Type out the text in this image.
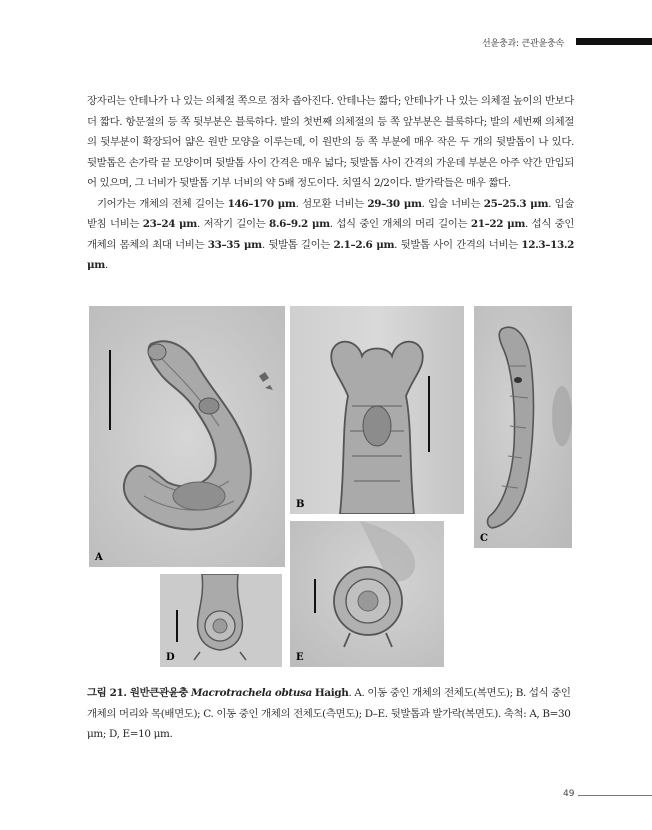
선윤충과: 큰관윤충속

장자리는 안테나가 나 있는 의체절 쪽으로 점차 좁아진다. 안테나는 짧다; 안테나가 나 있는 의체절 높이의 반보다 더 짧다. 항문절의 등 쪽 뒷부분은 블룩하다. 발의 첫번째 의체절의 등 쪽 앞부분은 블룩하다; 발의 세번째 의체절의 뒷부분이 확장되어 얇은 원반 모양을 이루는데, 이 원반의 등 쪽 부분에 매우 작은 두 개의 뒷발톱이 나 있다. 뒷발톱은 손가락 끝 모양이며 뒷발톱 사이 간격은 매우 넓다; 뒷발톱 사이 간격의 가운데 부분은 아주 약간 만입되어 있으며, 그 너비가 뒷발톱 기부 너비의 약 5배 정도이다. 치열식 2/2이다. 발가락들은 매우 짧다.

기어가는 개체의 전체 길이는 146–170 μm. 섬모환 너비는 29–30 μm. 입술 너비는 25–25.3 μm. 입술받침 너비는 23–24 μm. 저작기 길이는 8.6–9.2 μm. 섭식 중인 개체의 머리 길이는 21–22 μm. 섭식 중인 개체의 몸체의 최대 너비는 33–35 μm. 뒷발톱 길이는 2.1–2.6 μm. 뒷발톱 사이 간격의 너비는 12.3–13.2 μm.

A
B
C
D	E
그림 21. 원반큰관윤충 Macrotrachela obtusa Haigh. A. 이동 중인 개체의 전체도(복면도); B. 섭식 중인 개체의 머리와 목(배면도); C. 이동 중인 개체의 전체도(측면도); D–E. 뒷발톱과 발가락(복면도). 축척: A, B=30 μm; D, E=10 μm.
49
